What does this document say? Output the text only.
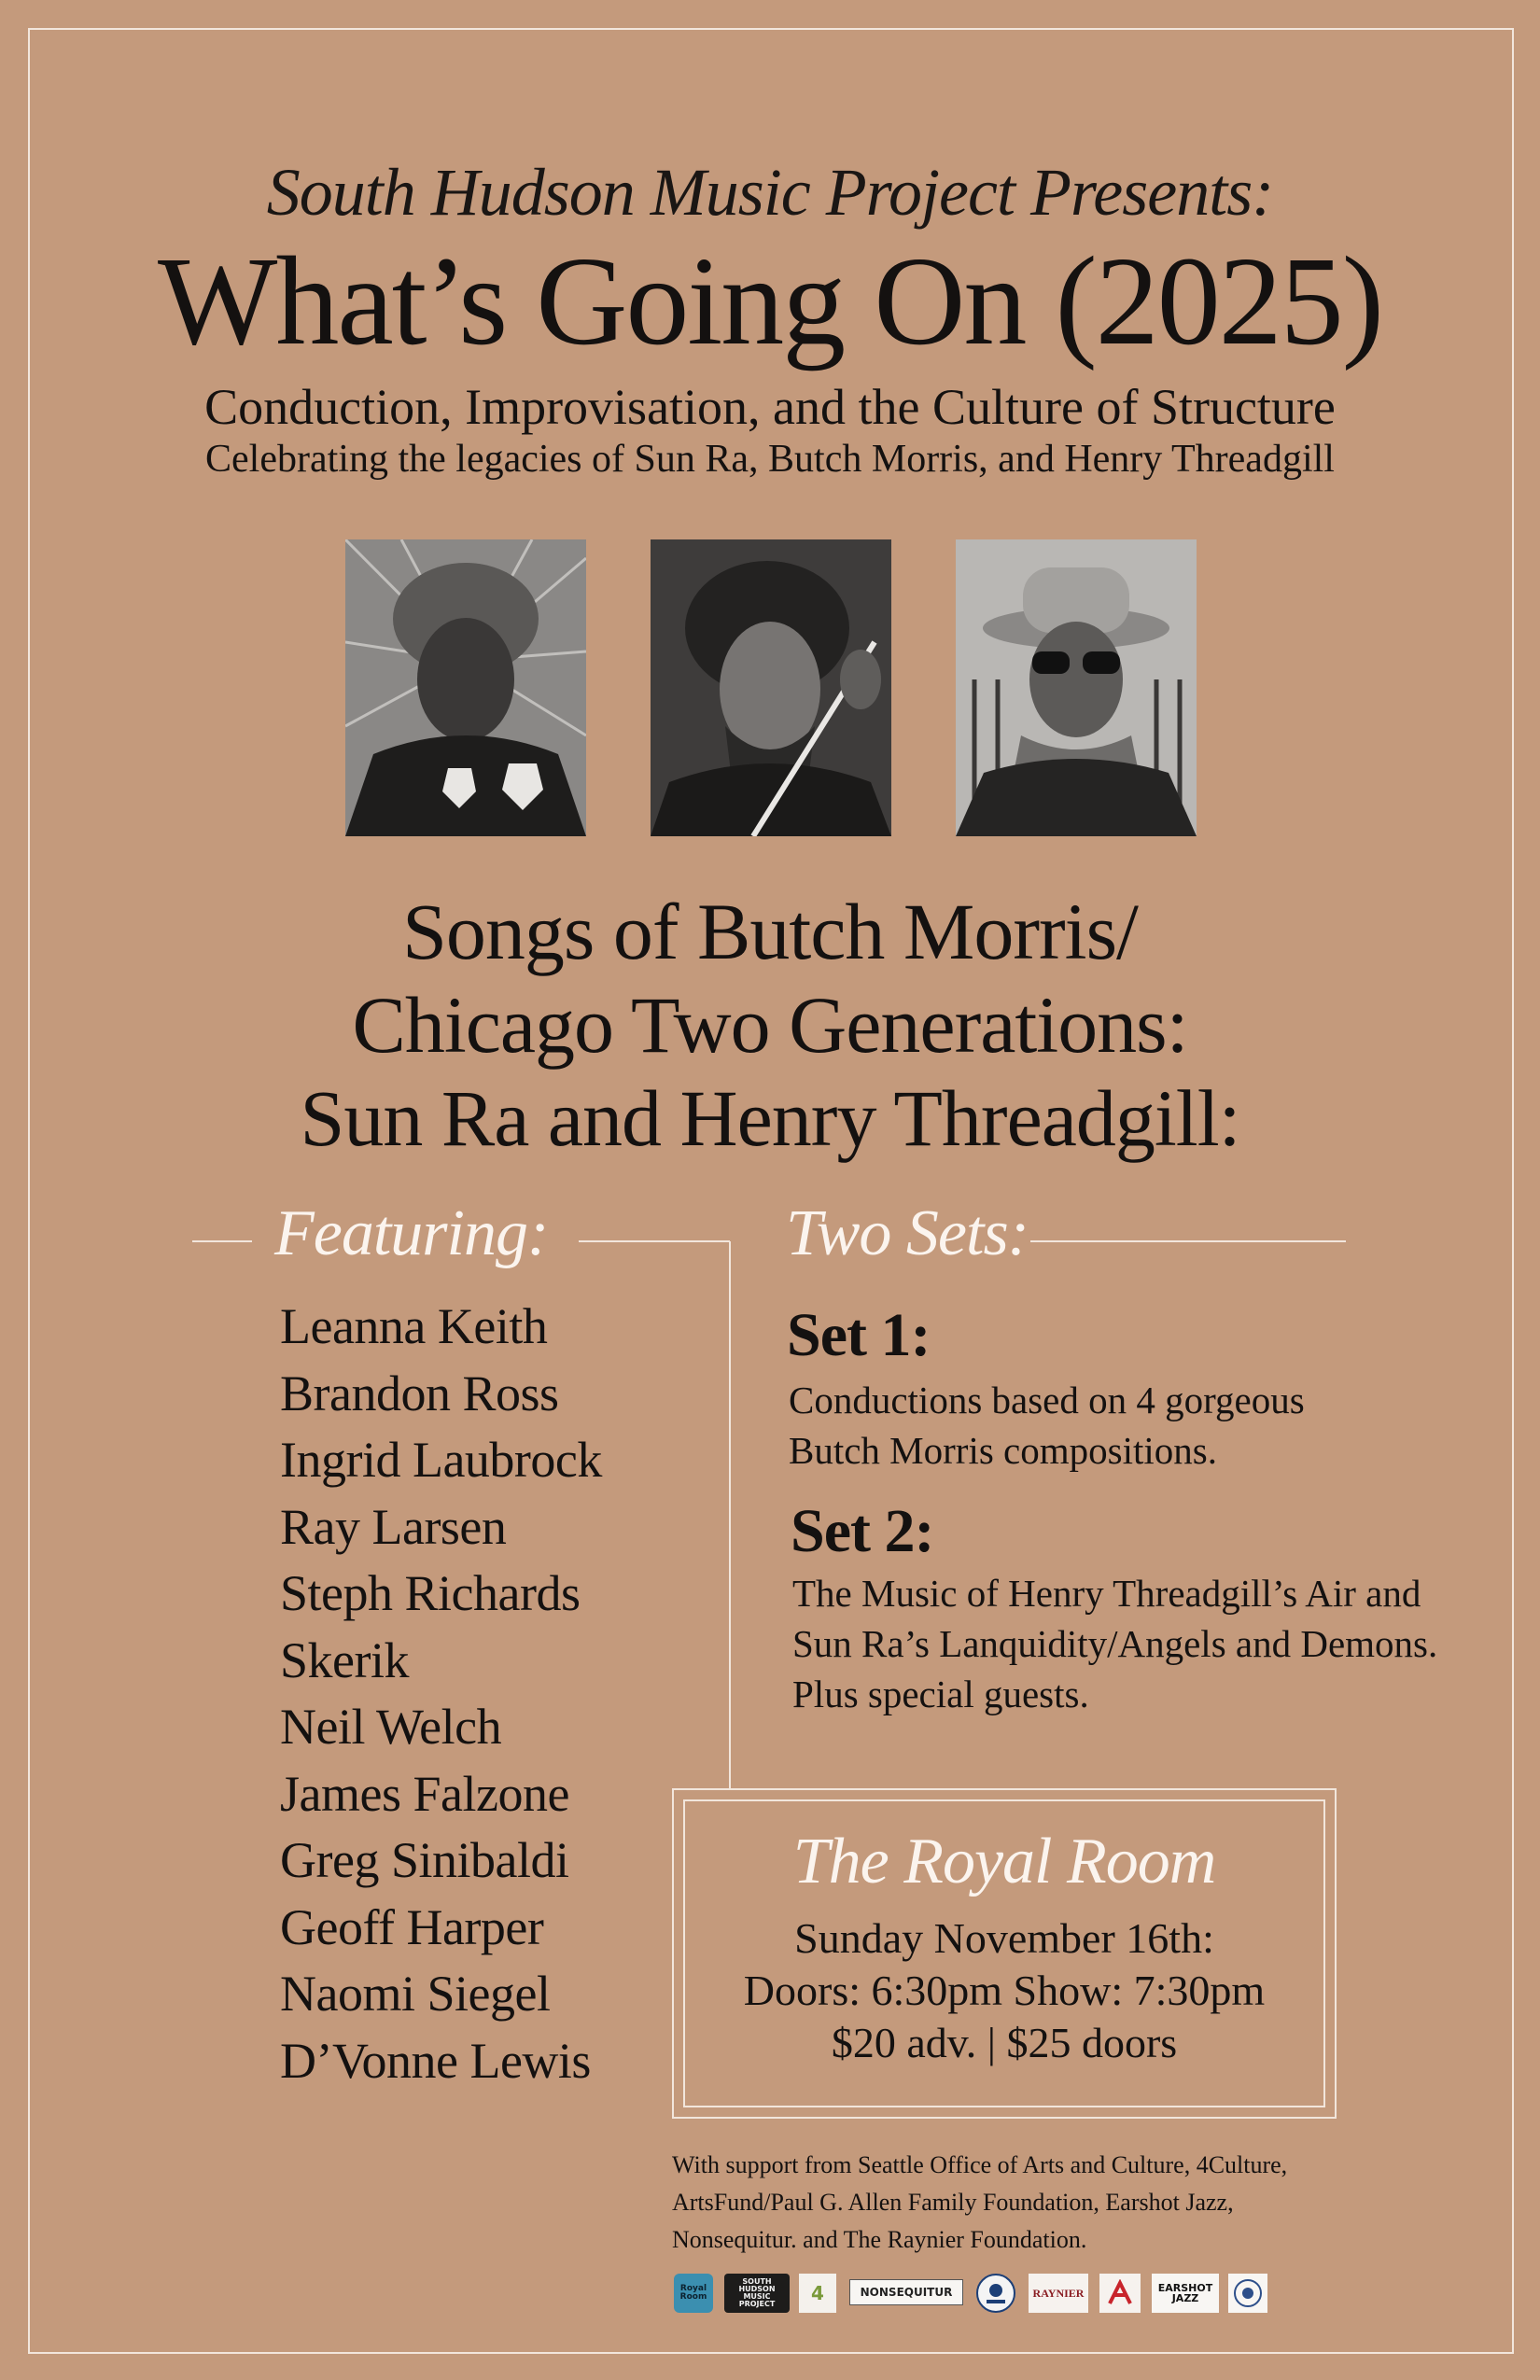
South Hudson Music Project Presents:
What’s Going On (2025)
Conduction, Improvisation, and the Culture of Structure
Celebrating the legacies of Sun Ra, Butch Morris, and Henry Threadgill
Songs of Butch Morris/
Chicago Two Generations:
Sun Ra and Henry Threadgill:
Featuring:
Leanna Keith
Brandon Ross
Ingrid Laubrock
Ray Larsen
Steph Richards
Skerik
Neil Welch
James Falzone
Greg Sinibaldi
Geoff Harper
Naomi Siegel
D’Vonne Lewis
Two Sets:
Set 1:
Conductions based on 4 gorgeous
Butch Morris compositions.
Set 2:
The Music of Henry Threadgill’s Air and
Sun Ra’s Lanquidity/Angels and Demons.
Plus special guests.
The Royal Room
Sunday November 16th:
Doors: 6:30pm Show: 7:30pm
$20 adv. | $25 doors
With support from Seattle Office of Arts and Culture, 4Culture,
ArtsFund/Paul G. Allen Family Foundation, Earshot Jazz,
Nonsequitur. and The Raynier Foundation.
Royal Room
SOUTH HUDSON MUSIC PROJECT	4	NONSEQUITUR	RAYNIER	EARSHOT JAZZ
